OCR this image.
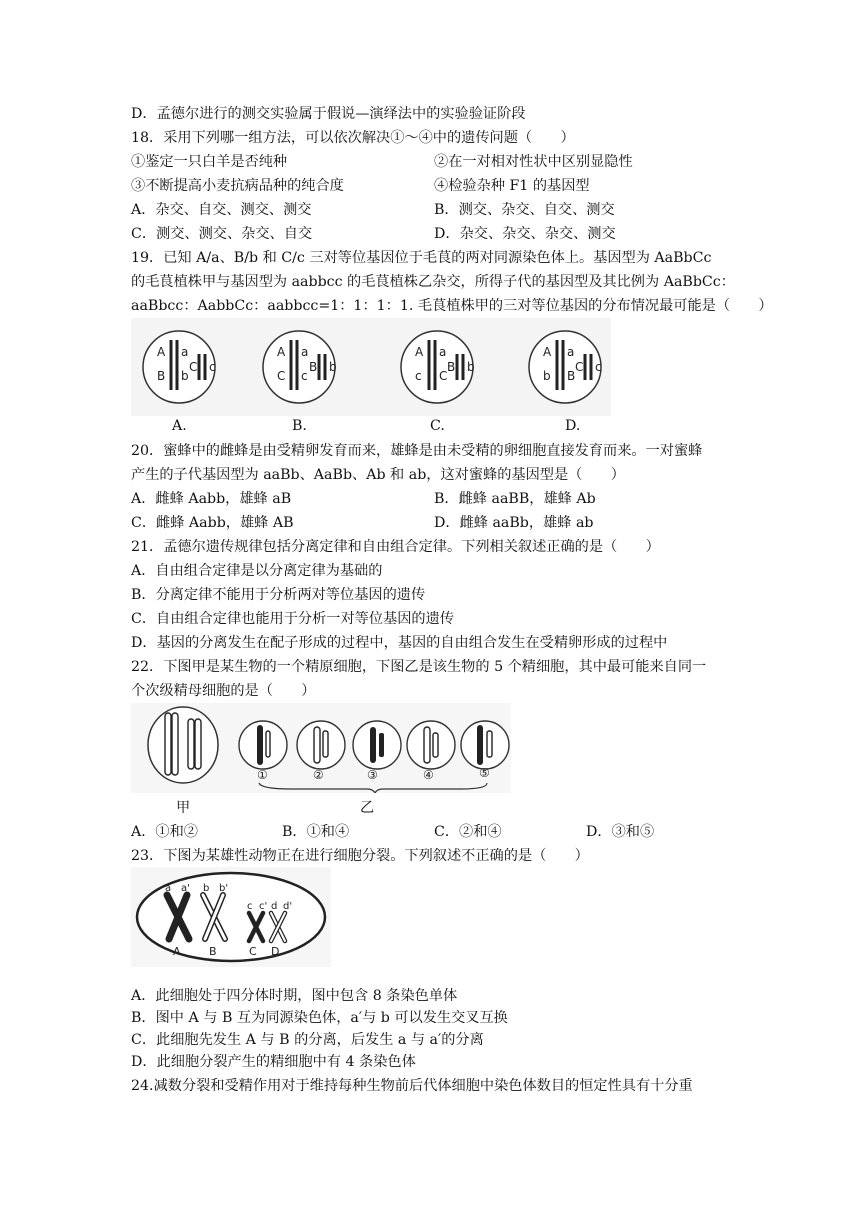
D．孟德尔进行的测交实验属于假说—演绎法中的实验验证阶段
18．采用下列哪一组方法，可以依次解决①～④中的遗传问题（　　）
①鉴定一只白羊是否纯种	②在一对相对性状中区别显隐性
③不断提高小麦抗病品种的纯合度	④检验杂种 F1 的基因型
A．杂交、自交、测交、测交	B．测交、杂交、自交、测交
C．测交、测交、杂交、自交	D．杂交、杂交、杂交、测交
19．已知 A/a、B/b 和 C/c 三对等位基因位于毛茛的两对同源染色体上。基因型为 AaBbCc
的毛茛植株甲与基因型为 aabbcc 的毛茛植株乙杂交，所得子代的基因型及其比例为 AaBbCc：
aaBbcc：AabbCc：aabbcc=1：1：1：1. 毛茛植株甲的三对等位基因的分布情况最可能是（　　）
A a
B b
C c
A a
C c
B b
A a
c C
B b
A a
b B
C c
A.	B.	C.	D.
20．蜜蜂中的雌蜂是由受精卵发育而来，雄蜂是由未受精的卵细胞直接发育而来。一对蜜蜂
产生的子代基因型为 aaBb、AaBb、Ab 和 ab，这对蜜蜂的基因型是（　　）
A．雌蜂 Aabb，雄蜂 aB	B．雌蜂 aaBB，雄蜂 Ab
C．雌蜂 Aabb，雄蜂 AB	D．雌蜂 aaBb，雄蜂 ab
21．孟德尔遗传规律包括分离定律和自由组合定律。下列相关叙述正确的是（　　）
A．自由组合定律是以分离定律为基础的
B．分离定律不能用于分析两对等位基因的遗传
C．自由组合定律也能用于分析一对等位基因的遗传
D．基因的分离发生在配子形成的过程中，基因的自由组合发生在受精卵形成的过程中
22．下图甲是某生物的一个精原细胞，下图乙是该生物的 5 个精细胞，其中最可能来自同一
个次级精母细胞的是（　　）
①	②	③	④	⑤
甲	乙
A．①和②	B．①和④	C．②和④	D．③和⑤
23．下图为某雄性动物正在进行细胞分裂。下列叙述不正确的是（　　）
a a' b b'
c c' d d'
A	B	C D
A．此细胞处于四分体时期，图中包含 8 条染色单体
B．图中 A 与 B 互为同源染色体，a′与 b 可以发生交叉互换
C．此细胞先发生 A 与 B 的分离，后发生 a 与 a′的分离
D．此细胞分裂产生的精细胞中有 4 条染色体
24.减数分裂和受精作用对于维持每种生物前后代体细胞中染色体数目的恒定性具有十分重
